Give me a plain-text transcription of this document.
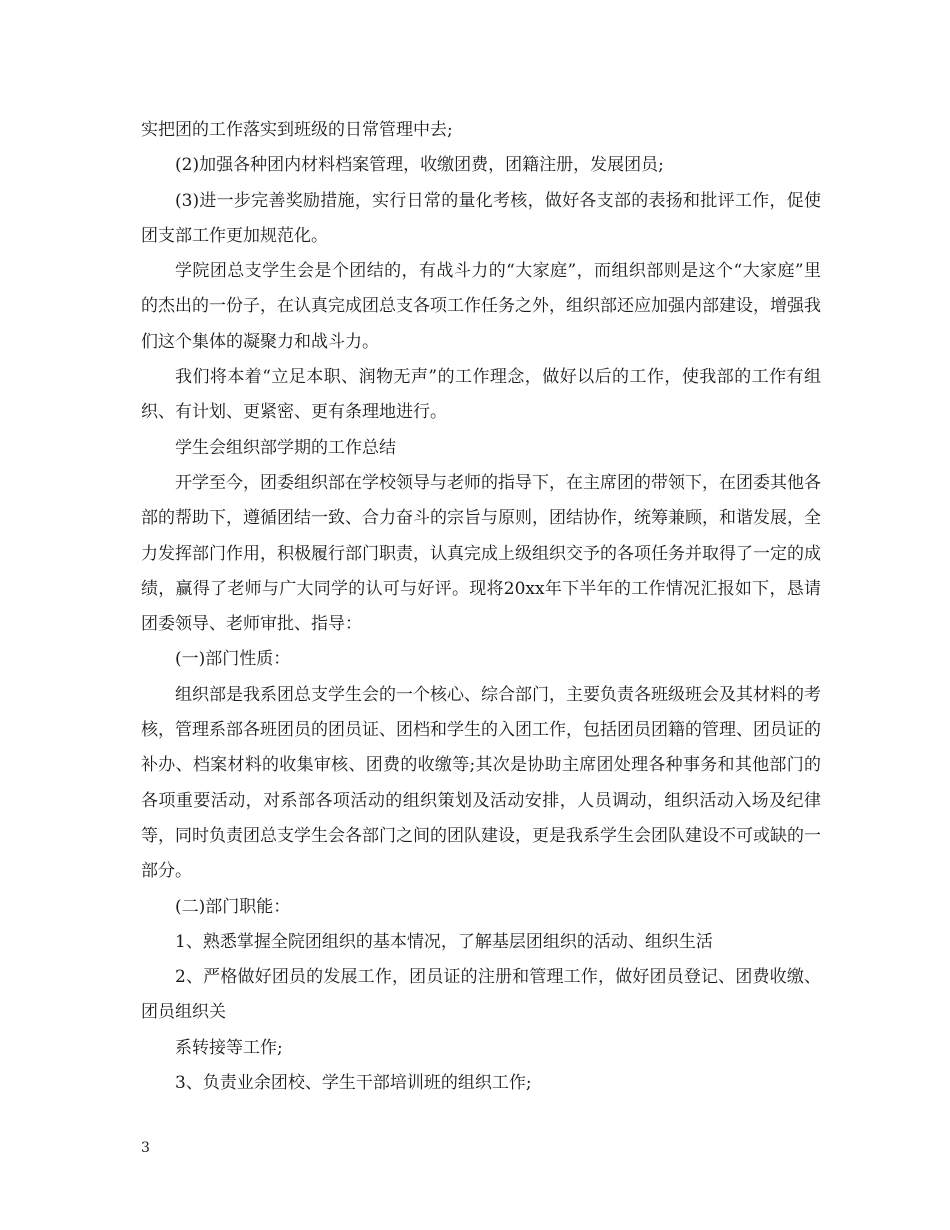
实把团的工作落实到班级的日常管理中去;

(2)加强各种团内材料档案管理，收缴团费，团籍注册，发展团员;

(3)进一步完善奖励措施，实行日常的量化考核，做好各支部的表扬和批评工作，促使团支部工作更加规范化。

学院团总支学生会是个团结的，有战斗力的“大家庭”，而组织部则是这个“大家庭”里的杰出的一份子，在认真完成团总支各项工作任务之外，组织部还应加强内部建设，增强我们这个集体的凝聚力和战斗力。

我们将本着“立足本职、润物无声”的工作理念，做好以后的工作，使我部的工作有组织、有计划、更紧密、更有条理地进行。

学生会组织部学期的工作总结

开学至今，团委组织部在学校领导与老师的指导下，在主席团的带领下，在团委其他各部的帮助下，遵循团结一致、合力奋斗的宗旨与原则，团结协作，统筹兼顾，和谐发展，全力发挥部门作用，积极履行部门职责，认真完成上级组织交予的各项任务并取得了一定的成绩，赢得了老师与广大同学的认可与好评。现将20xx年下半年的工作情况汇报如下，恳请团委领导、老师审批、指导：

(一)部门性质：

组织部是我系团总支学生会的一个核心、综合部门，主要负责各班级班会及其材料的考核，管理系部各班团员的团员证、团档和学生的入团工作，包括团员团籍的管理、团员证的补办、档案材料的收集审核、团费的收缴等;其次是协助主席团处理各种事务和其他部门的各项重要活动，对系部各项活动的组织策划及活动安排，人员调动，组织活动入场及纪律等，同时负责团总支学生会各部门之间的团队建设，更是我系学生会团队建设不可或缺的一部分。

(二)部门职能：

1、熟悉掌握全院团组织的基本情况，了解基层团组织的活动、组织生活

2、严格做好团员的发展工作，团员证的注册和管理工作，做好团员登记、团费收缴、团员组织关

系转接等工作;

3、负责业余团校、学生干部培训班的组织工作;

3
